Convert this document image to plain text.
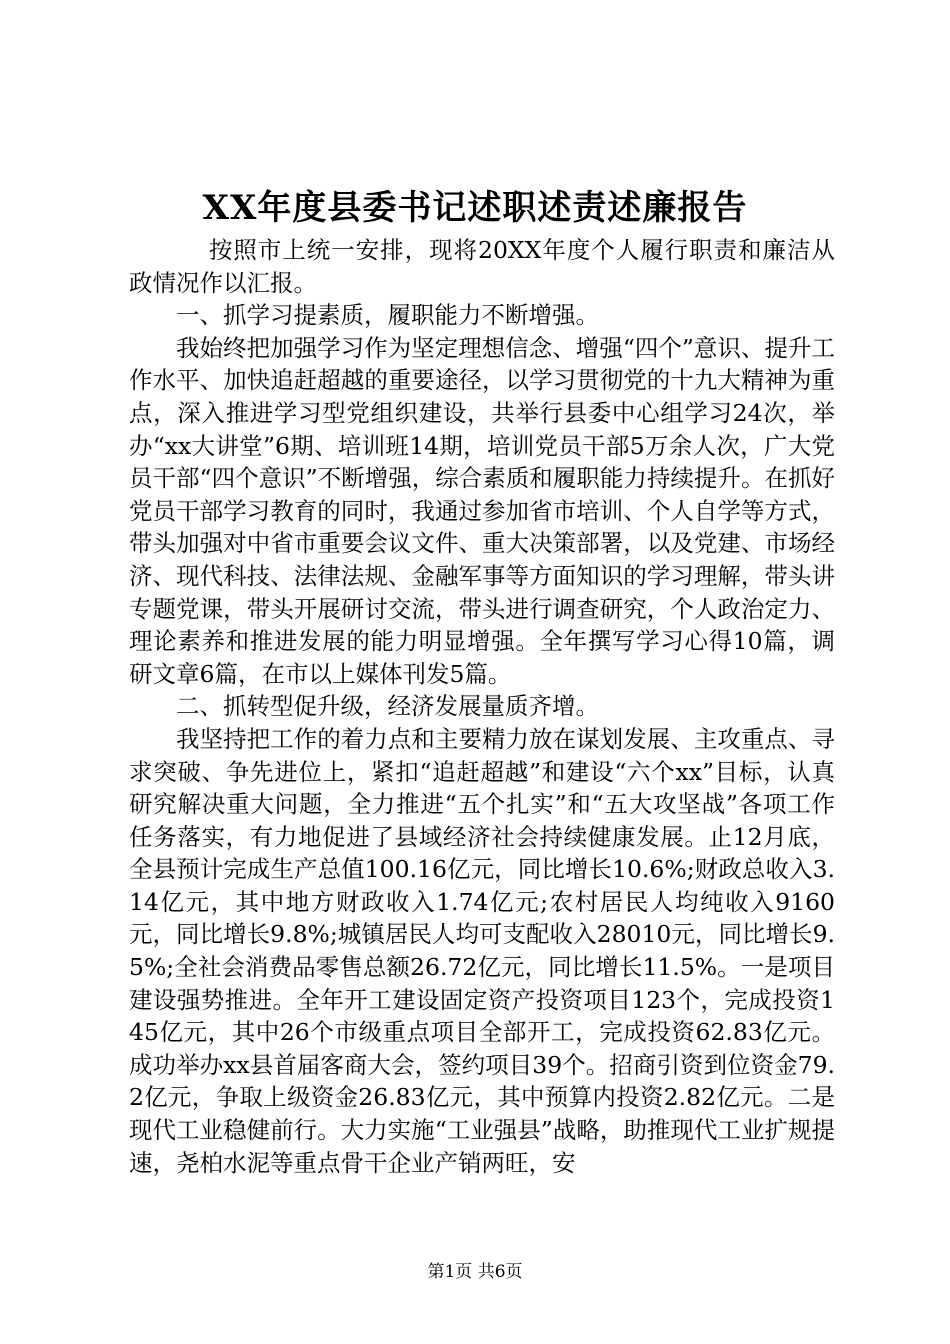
XX年度县委书记述职述责述廉报告

按照市上统一安排，现将20XX年度个人履行职责和廉洁从政情况作以汇报。

一、抓学习提素质，履职能力不断增强。

我始终把加强学习作为坚定理想信念、增强“四个”意识、提升工作水平、加快追赶超越的重要途径，以学习贯彻党的十九大精神为重点，深入推进学习型党组织建设，共举行县委中心组学习24次，举办“xx大讲堂”6期、培训班14期，培训党员干部5万余人次，广大党员干部“四个意识”不断增强，综合素质和履职能力持续提升。在抓好党员干部学习教育的同时，我通过参加省市培训、个人自学等方式，带头加强对中省市重要会议文件、重大决策部署，以及党建、市场经济、现代科技、法律法规、金融军事等方面知识的学习理解，带头讲专题党课，带头开展研讨交流，带头进行调查研究，个人政治定力、理论素养和推进发展的能力明显增强。全年撰写学习心得10篇，调研文章6篇，在市以上媒体刊发5篇。

二、抓转型促升级，经济发展量质齐增。

我坚持把工作的着力点和主要精力放在谋划发展、主攻重点、寻求突破、争先进位上，紧扣“追赶超越”和建设“六个xx”目标，认真研究解决重大问题，全力推进“五个扎实”和“五大攻坚战”各项工作任务落实，有力地促进了县域经济社会持续健康发展。止12月底，全县预计完成生产总值100.16亿元，同比增长10.6%;财政总收入3.14亿元，其中地方财政收入1.74亿元;农村居民人均纯收入9160元，同比增长9.8%;城镇居民人均可支配收入28010元，同比增长9.5%;全社会消费品零售总额26.72亿元，同比增长11.5%。一是项目建设强势推进。全年开工建设固定资产投资项目123个，完成投资145亿元，其中26个市级重点项目全部开工，完成投资62.83亿元。成功举办xx县首届客商大会，签约项目39个。招商引资到位资金79.2亿元，争取上级资金26.83亿元，其中预算内投资2.82亿元。二是现代工业稳健前行。大力实施“工业强县”战略，助推现代工业扩规提速，尧柏水泥等重点骨干企业产销两旺，安

第1页 共6页
